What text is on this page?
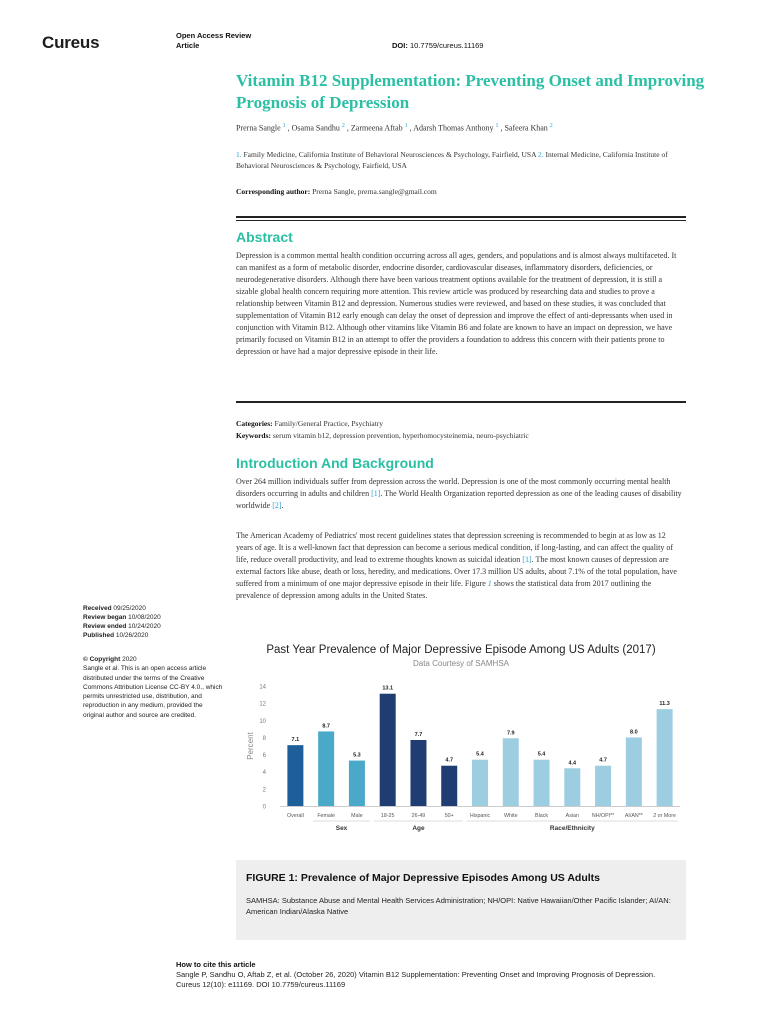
Cureus	Open Access Review
Article	DOI: 10.7759/cureus.11169
Vitamin B12 Supplementation: Preventing Onset and Improving Prognosis of Depression
Prerna Sangle $^1$ , Osama Sandhu $^2$ , Zarmeena Aftab $^1$ , Adarsh Thomas Anthony $^1$ , Safeera Khan $^2$
1. Family Medicine, California Institute of Behavioral Neurosciences & Psychology, Fairfield, USA 2. Internal Medicine, California Institute of Behavioral Neurosciences & Psychology, Fairfield, USA
Corresponding author: Prerna Sangle, prerna.sangle@gmail.com
Abstract
Depression is a common mental health condition occurring across all ages, genders, and populations and is almost always multifaceted. It can manifest as a form of metabolic disorder, endocrine disorder, cardiovascular diseases, inflammatory disorders, deficiencies, or neurodegenerative disorders. Although there have been various treatment options available for the treatment of depression, it is still a sizable global health concern requiring more attention. This review article was produced by researching data and studies to prove a relationship between Vitamin B12 and depression. Numerous studies were reviewed, and based on these studies, it was concluded that supplementation of Vitamin B12 early enough can delay the onset of depression and improve the effect of anti-depressants when used in conjunction with Vitamin B12. Although other vitamins like Vitamin B6 and folate are known to have an impact on depression, we have primarily focused on Vitamin B12 in an attempt to offer the providers a foundation to address this concern with their patients prone to depression or have had a major depressive episode in their life.
Categories: Family/General Practice, Psychiatry
Keywords: serum vitamin b12, depression prevention, hyperhomocysteinemia, neuro-psychiatric
Introduction And Background
Over 264 million individuals suffer from depression across the world. Depression is one of the most commonly occurring mental health disorders occurring in adults and children [1]. The World Health Organization reported depression as one of the leading causes of disability worldwide [2].
The American Academy of Pediatrics' most recent guidelines states that depression screening is recommended to begin at as low as 12 years of age. It is a well-known fact that depression can become a serious medical condition, if long-lasting, and can affect the quality of life, reduce overall productivity, and lead to extreme thoughts known as suicidal ideation [1]. The most known causes of depression are external factors like abuse, death or loss, heredity, and medications. Over 17.3 million US adults, about 7.1% of the total population, have suffered from a minimum of one major depressive episode in their life. Figure 1 shows the statistical data from 2017 outlining the prevalence of depression among adults in the United States.
Received 09/25/2020
Review began 10/08/2020
Review ended 10/24/2020
Published 10/26/2020
© Copyright 2020
Sangle et al. This is an open access article distributed under the terms of the Creative Commons Attribution License CC-BY 4.0., which permits unrestricted use, distribution, and reproduction in any medium, provided the original author and source are credited.
Past Year Prevalence of Major Depressive Episode Among US Adults (2017)
Data Courtesy of SAMHSA
0
2
4
6
8
10
12
14
Percent	7.1
Overall
8.7
Female
5.3
Male
13.1
18-25
7.7
26-49
4.7
50+
5.4
Hispanic
7.9
White
5.4
Black
4.4
Asian
4.7
NH/OPI**
8.0
AI/AN**
11.3
2 or More
Sex	Age	Race/Ethnicity
FIGURE 1: Prevalence of Major Depressive Episodes Among US Adults
SAMHSA: Substance Abuse and Mental Health Services Administration; NH/OPI: Native Hawaiian/Other Pacific Islander; AI/AN: American Indian/Alaska Native
How to cite this article
Sangle P, Sandhu O, Aftab Z, et al. (October 26, 2020) Vitamin B12 Supplementation: Preventing Onset and Improving Prognosis of Depression.
Cureus 12(10): e11169. DOI 10.7759/cureus.11169
